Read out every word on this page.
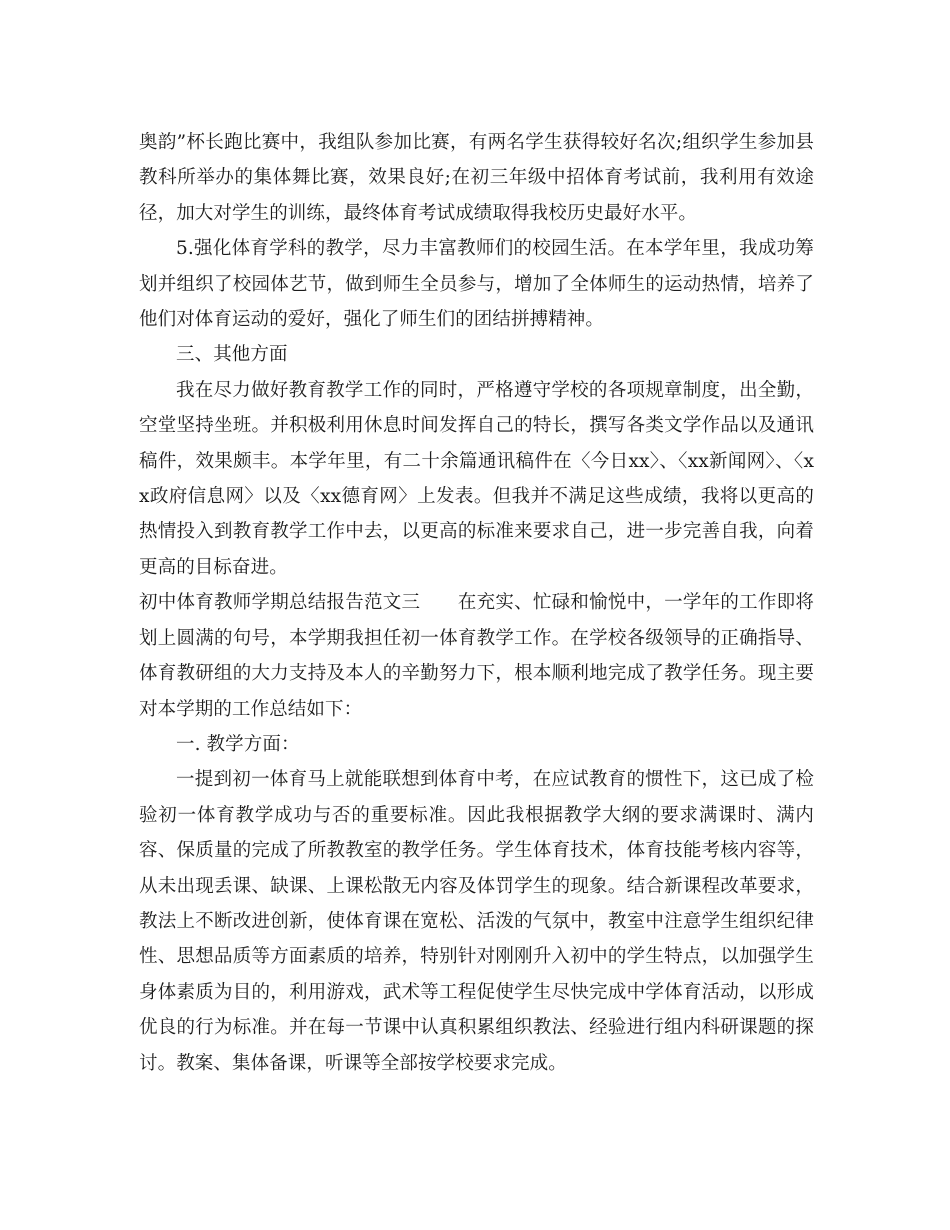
奥韵”杯长跑比赛中，我组队参加比赛，有两名学生获得较好名次;组织学生参加县教科所举办的集体舞比赛，效果良好;在初三年级中招体育考试前，我利用有效途径，加大对学生的训练，最终体育考试成绩取得我校历史最好水平。

5.强化体育学科的教学，尽力丰富教师们的校园生活。在本学年里，我成功筹划并组织了校园体艺节，做到师生全员参与，增加了全体师生的运动热情，培养了他们对体育运动的爱好，强化了师生们的团结拼搏精神。

三、其他方面

我在尽力做好教育教学工作的同时，严格遵守学校的各项规章制度，出全勤，空堂坚持坐班。并积极利用休息时间发挥自己的特长，撰写各类文学作品以及通讯稿件，效果颇丰。本学年里，有二十余篇通讯稿件在〈今日xx〉、〈xx新闻网〉、〈xx政府信息网〉以及〈xx德育网〉上发表。但我并不满足这些成绩，我将以更高的热情投入到教育教学工作中去，以更高的标准来要求自己，进一步完善自我，向着更高的目标奋进。

初中体育教师学期总结报告范文三　　在充实、忙碌和愉悦中，一学年的工作即将划上圆满的句号，本学期我担任初一体育教学工作。在学校各级领导的正确指导、体育教研组的大力支持及本人的辛勤努力下，根本顺利地完成了教学任务。现主要对本学期的工作总结如下：

一. 教学方面：

一提到初一体育马上就能联想到体育中考，在应试教育的惯性下，这已成了检验初一体育教学成功与否的重要标准。因此我根据教学大纲的要求满课时、满内容、保质量的完成了所教教室的教学任务。学生体育技术，体育技能考核内容等，从未出现丢课、缺课、上课松散无内容及体罚学生的现象。结合新课程改革要求，教法上不断改进创新，使体育课在宽松、活泼的气氛中，教室中注意学生组织纪律性、思想品质等方面素质的培养，特别针对刚刚升入初中的学生特点，以加强学生身体素质为目的，利用游戏，武术等工程促使学生尽快完成中学体育活动，以形成优良的行为标准。并在每一节课中认真积累组织教法、经验进行组内科研课题的探讨。教案、集体备课，听课等全部按学校要求完成。
